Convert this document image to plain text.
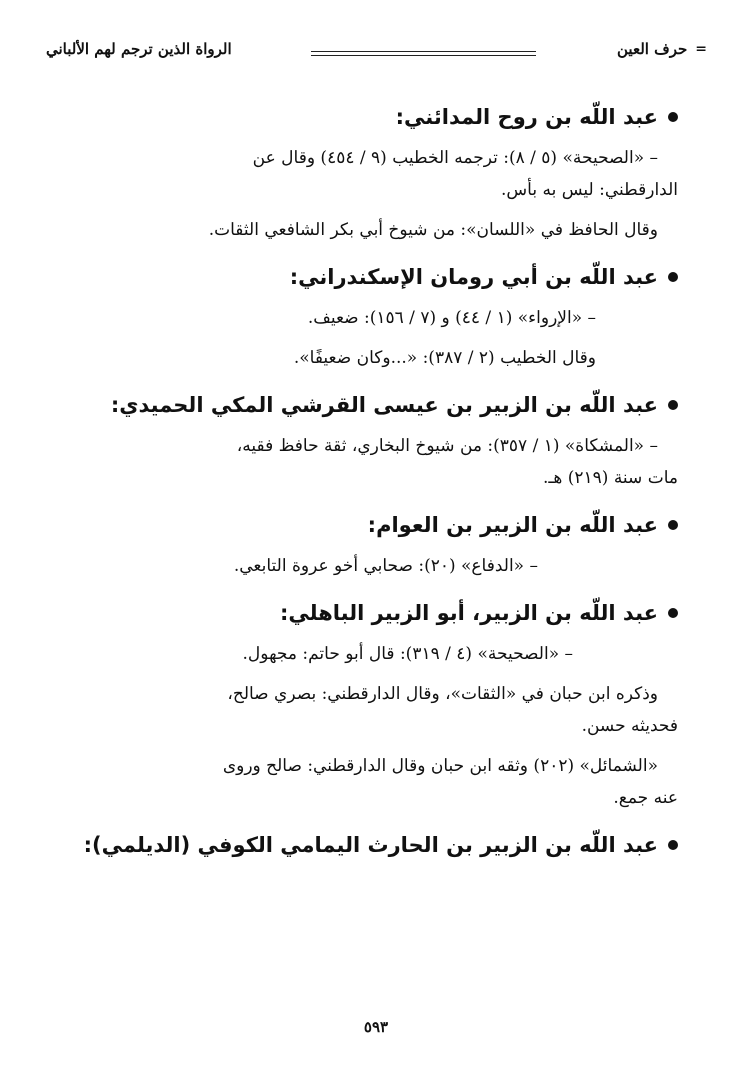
=
حرف العين
الرواة الذين ترجم لهم الألباني
عبد اللّه بن روح المدائني:

– «الصحيحة» (٥ / ٨): ترجمه الخطيب (٩ / ٤٥٤) وقال عن

الدارقطني: ليس به بأس.

وقال الحافظ في «اللسان»: من شيوخ أبي بكر الشافعي الثقات.

عبد اللّه بن أبي رومان الإسكندراني:

– «الإرواء» (١ / ٤٤) و (٧ / ١٥٦): ضعيف.

وقال الخطيب (٢ / ٣٨٧): «...وكان ضعيفًا».

عبد اللّه بن الزبير بن عيسى القرشي المكي الحميدي:

– «المشكاة» (١ / ٣٥٧): من شيوخ البخاري، ثقة حافظ فقيه،

مات سنة (٢١٩) هـ.

عبد اللّه بن الزبير بن العوام:

– «الدفاع» (٢٠): صحابي أخو عروة التابعي.

عبد اللّه بن الزبير، أبو الزبير الباهلي:

– «الصحيحة» (٤ / ٣١٩): قال أبو حاتم: مجهول.

وذكره ابن حبان في «الثقات»، وقال الدارقطني: بصري صالح،

فحديثه حسن.

«الشمائل» (٢٠٢) وثقه ابن حبان وقال الدارقطني: صالح وروى

عنه جمع.

عبد اللّه بن الزبير بن الحارث اليمامي الكوفي (الديلمي):
٥٩٣
